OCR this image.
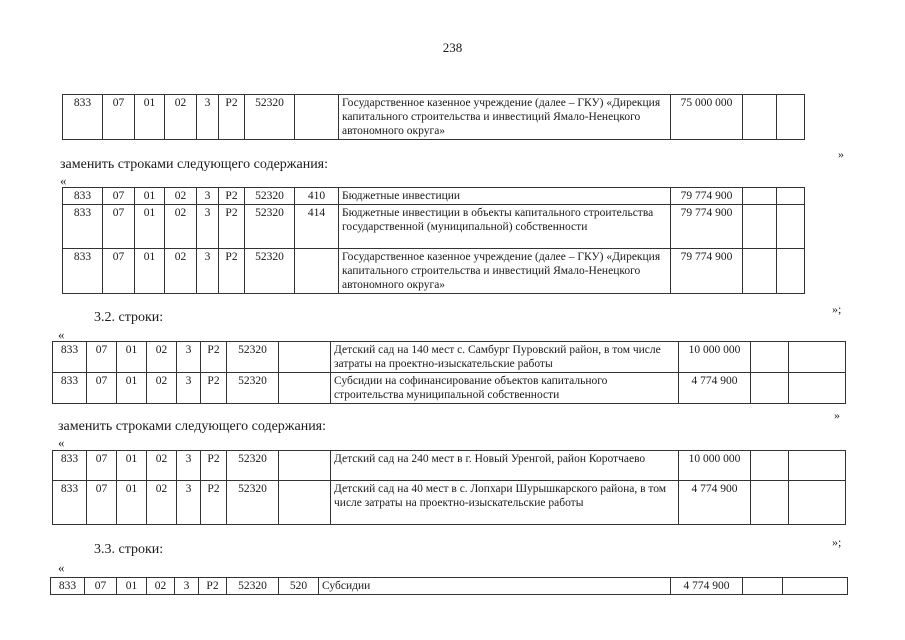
238
833	07	01	02	3	P2	52320		Государственное казенное учреждение (далее – ГКУ) «Дирекция капитального строительства и инвестиций Ямало-Ненецкого автономного округа»	75 000 000		
»
заменить строками следующего содержания:
«
833	07	01	02	3	P2	52320	410	Бюджетные инвестиции	79 774 900		
833	07	01	02	3	P2	52320	414	Бюджетные инвестиции в объекты капитального строительства государственной (муниципальной) собственности	79 774 900		
833	07	01	02	3	P2	52320		Государственное казенное учреждение (далее – ГКУ) «Дирекция капитального строительства и инвестиций Ямало-Ненецкого автономного округа»	79 774 900		
»;
3.2. строки:
«
833	07	01	02	3	P2	52320		Детский сад на 140 мест с. Самбург Пуровский район, в том числе затраты на проектно-изыскательские работы	10 000 000		
833	07	01	02	3	P2	52320		Субсидии на софинансирование объектов капитального строительства муниципальной собственности	4 774 900		
»
заменить строками следующего содержания:
«
833	07	01	02	3	P2	52320		Детский сад на 240 мест в г. Новый Уренгой, район Коротчаево	10 000 000		
833	07	01	02	3	P2	52320		Детский сад на 40 мест в с. Лопхари Шурышкарского района, в том числе затраты на проектно-изыскательские работы	4 774 900		
»;
3.3. строки:
«
833	07	01	02	3	P2	52320	520	Субсидии	4 774 900		
